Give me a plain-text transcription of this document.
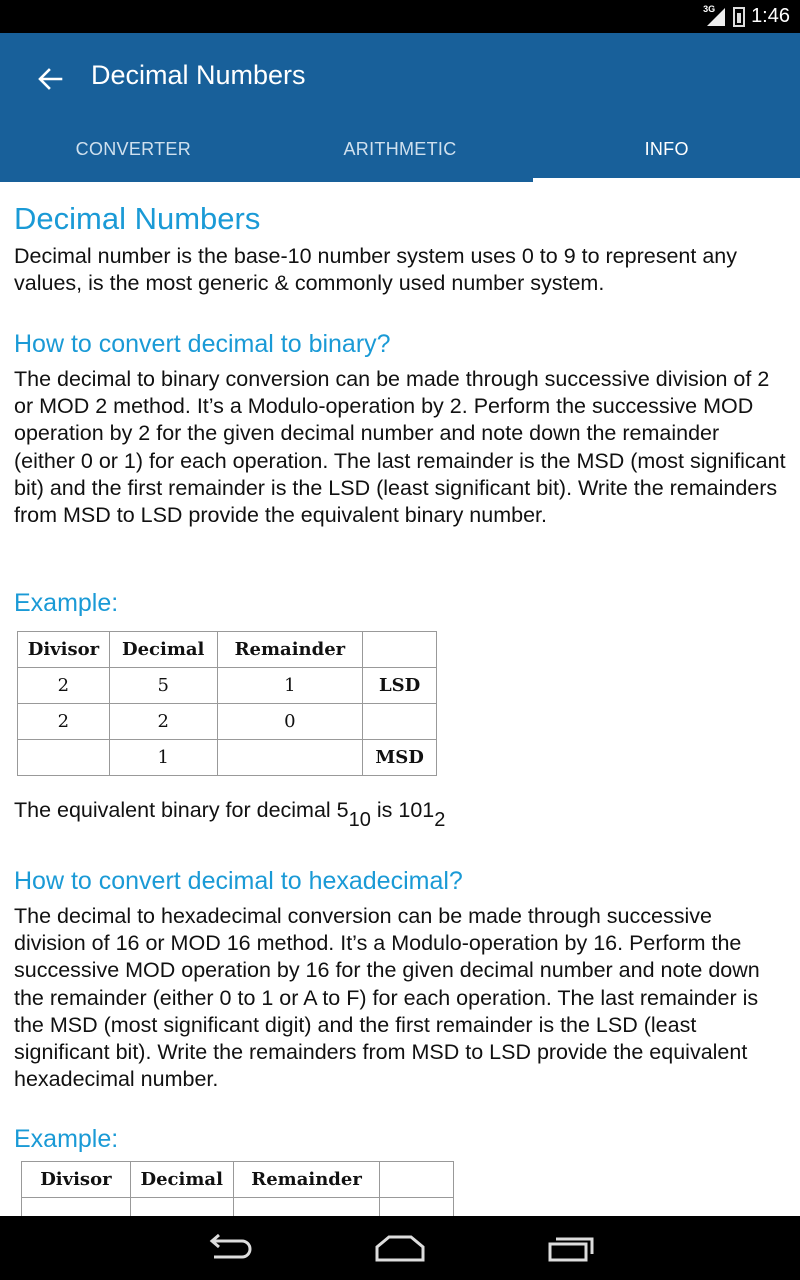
3G 1:46
Decimal Numbers
CONVERTER	ARITHMETIC	INFO
Decimal Numbers

Decimal number is the base-10 number system uses 0 to 9 to represent any values, is the most generic & commonly used number system.

How to convert decimal to binary?

The decimal to binary conversion can be made through successive division of 2 or MOD 2 method. It’s a Modulo-operation by 2. Perform the successive MOD operation by 2 for the given decimal number and note down the remainder (either 0 or 1) for each operation. The last remainder is the MSD (most significant bit) and the first remainder is the LSD (least significant bit). Write the remainders from MSD to LSD provide the equivalent binary number.

Example:
Divisor	Decimal	Remainder	
2	5	1	LSD
2	2	0	
	1		MSD
The equivalent binary for decimal $5_{10}$ is $101_2$
How to convert decimal to hexadecimal?

The decimal to hexadecimal conversion can be made through successive division of 16 or MOD 16 method. It’s a Modulo-operation by 16. Perform the successive MOD operation by 16 for the given decimal number and note down the remainder (either 0 to 1 or A to F) for each operation. The last remainder is the MSD (most significant digit) and the first remainder is the LSD (least significant bit). Write the remainders from MSD to LSD provide the equivalent hexadecimal number.

Example:
Divisor	Decimal	Remainder	
